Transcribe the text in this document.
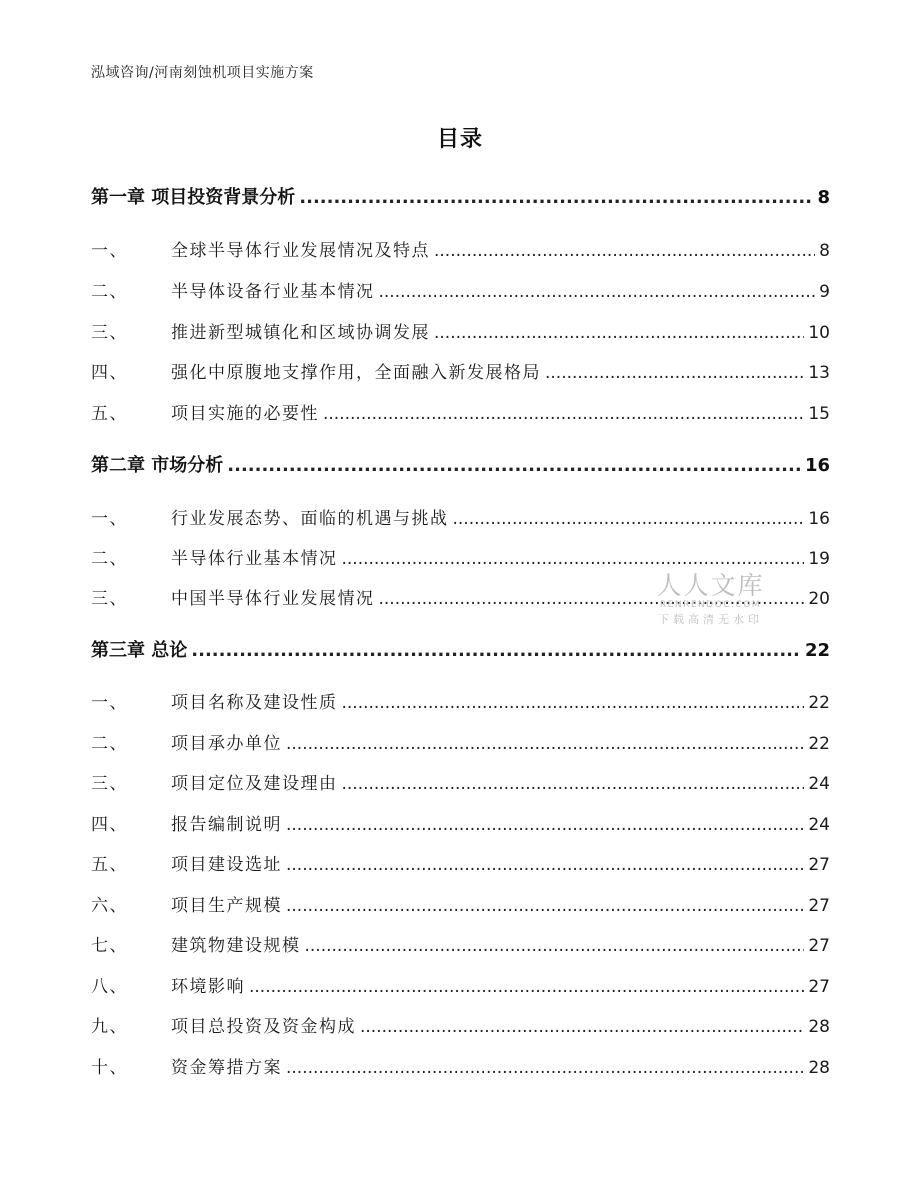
泓域咨询/河南刻蚀机项目实施方案
目录
第一章 项目投资背景分析 .....	8
一、	全球半导体行业发展情况及特点 .....	8
二、	半导体设备行业基本情况 .....	9
三、	推进新型城镇化和区域协调发展 .....	10
四、	强化中原腹地支撑作用，全面融入新发展格局 .....	13
五、	项目实施的必要性 .....	15
第二章 市场分析 .....	16
一、	行业发展态势、面临的机遇与挑战 .....	16
二、	半导体行业基本情况 .....	19
三、	中国半导体行业发展情况 .....	20
第三章 总论 .....	22
一、	项目名称及建设性质 .....	22
二、	项目承办单位 .....	22
三、	项目定位及建设理由 .....	24
四、	报告编制说明 .....	24
五、	项目建设选址 .....	27
六、	项目生产规模 .....	27
七、	建筑物建设规模 .....	27
八、	环境影响 .....	27
九、	项目总投资及资金构成 .....	28
十、	资金筹措方案 .....	28
人人文库
RENRENDOC.COM
下载高清无水印
